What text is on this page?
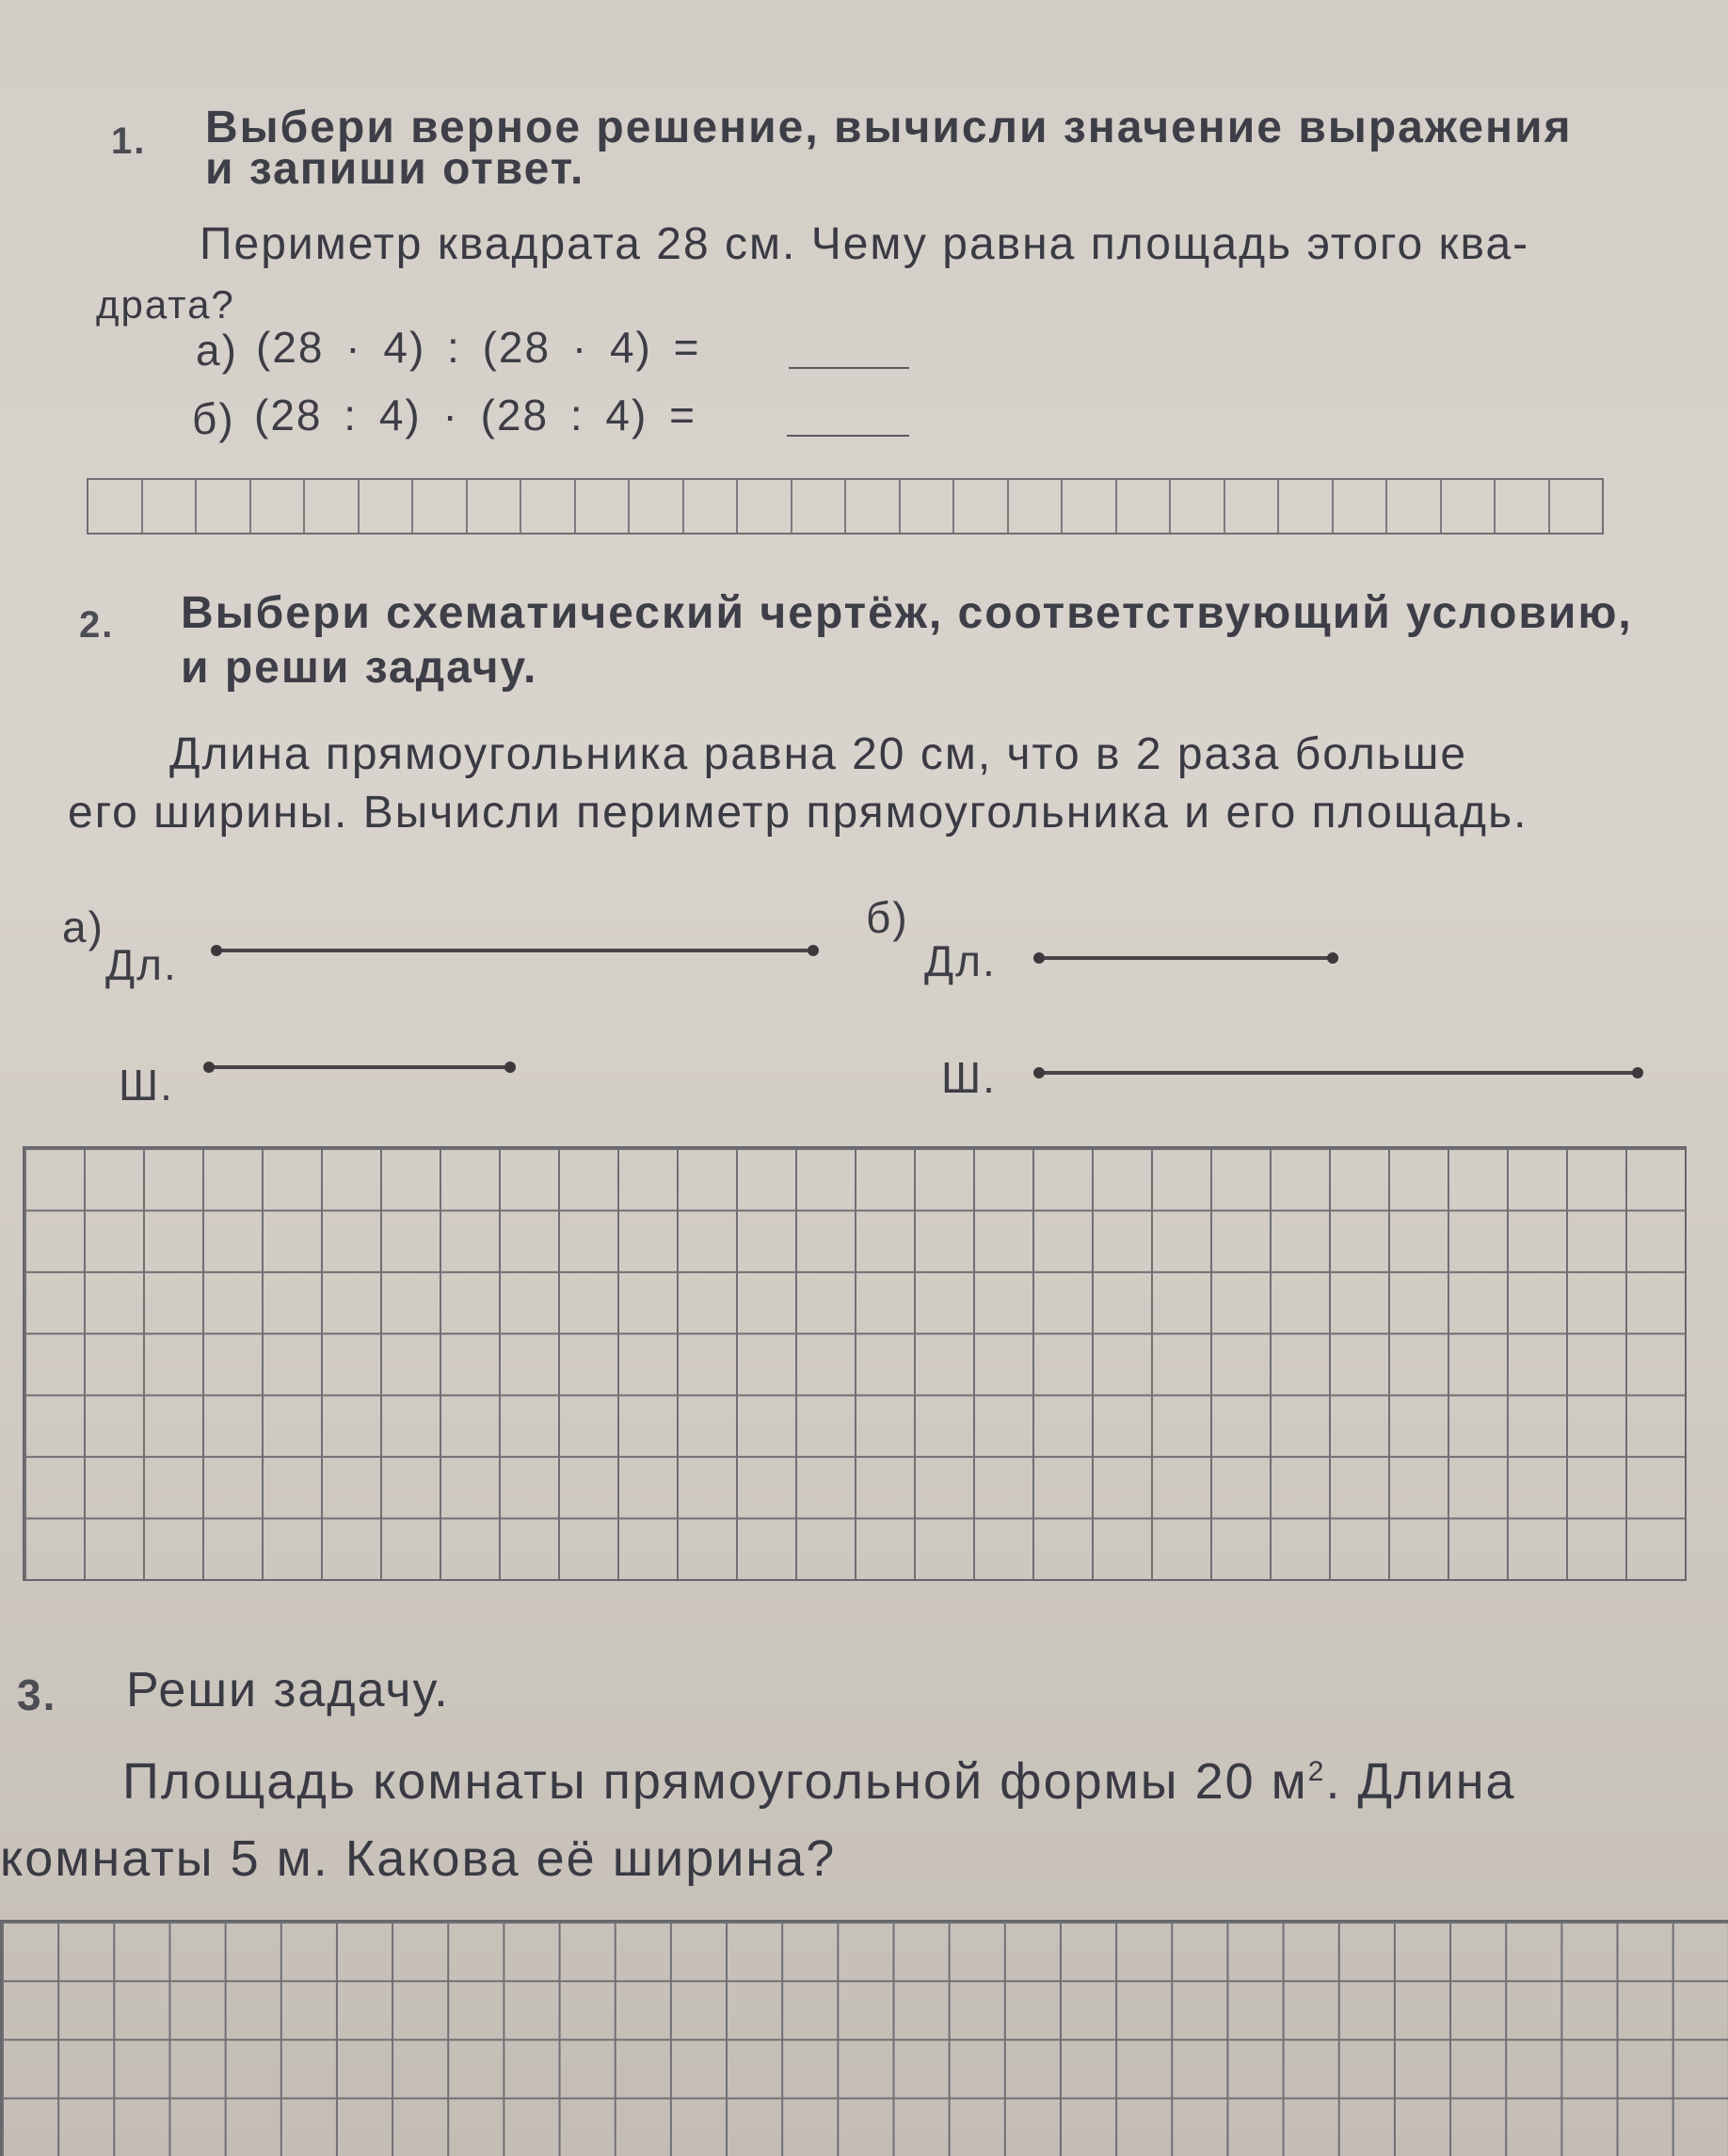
1. Выбери верное решение, вычисли значение выражения
и запиши ответ.
Периметр квадрата 28 см. Чему равна площадь этого ква-
драта?
а) (28 · 4) : (28 · 4) =
б) (28 : 4) · (28 : 4) =
2. Выбери схематический чертёж, соответствующий условию,
и реши задачу.
Длина прямоугольника равна 20 см, что в 2 раза больше
его ширины. Вычисли периметр прямоугольника и его площадь.
а)
Дл.
Ш.
б)
Дл.
Ш.
3. Реши задачу.
Площадь комнаты прямоугольной формы 20 $м^2$. Длина
комнаты 5 м. Какова её ширина?
